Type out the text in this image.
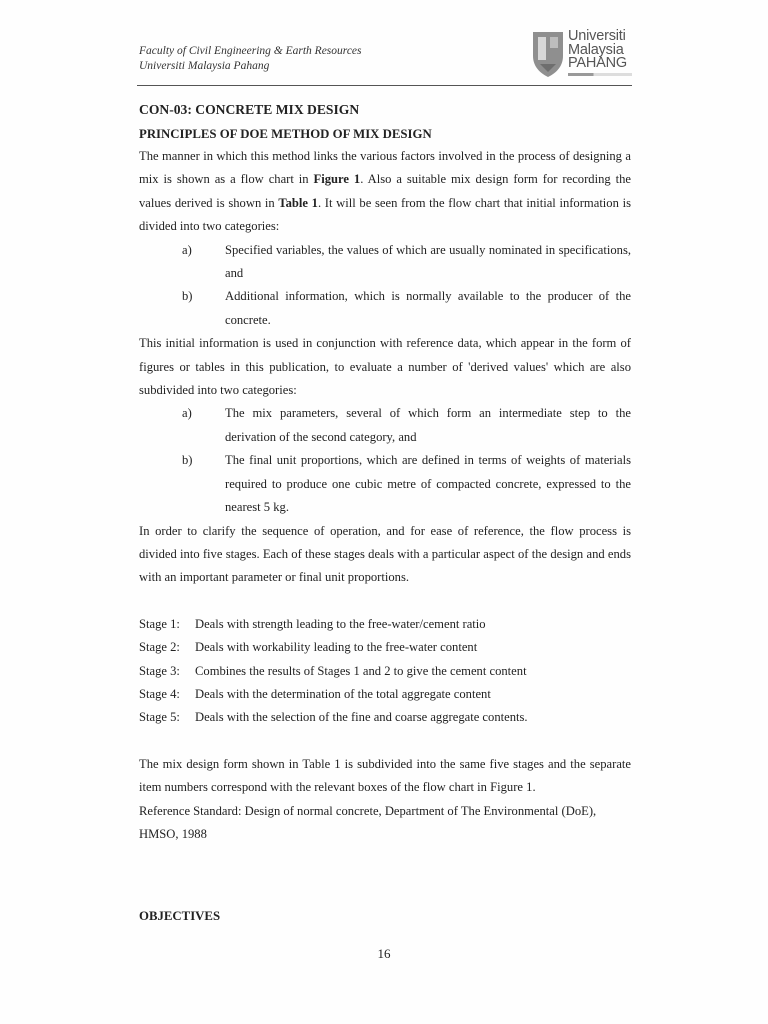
Faculty of Civil Engineering & Earth Resources
Universiti Malaysia Pahang
Universiti
Malaysia
PAHANG
CON-03: CONCRETE MIX DESIGN
PRINCIPLES OF DOE METHOD OF MIX DESIGN

The manner in which this method links the various factors involved in the process of designing a mix is shown as a flow chart in Figure 1. Also a suitable mix design form for recording the values derived is shown in Table 1. It will be seen from the flow chart that initial information is divided into two categories:

a)	Specified variables, the values of which are usually nominated in specifications, and
b)	Additional information, which is normally available to the producer of the concrete.

This initial information is used in conjunction with reference data, which appear in the form of figures or tables in this publication, to evaluate a number of 'derived values' which are also subdivided into two categories:

a)	The mix parameters, several of which form an intermediate step to the derivation of the second category, and
b)	The final unit proportions, which are defined in terms of weights of materials required to produce one cubic metre of compacted concrete, expressed to the nearest 5 kg.

In order to clarify the sequence of operation, and for ease of reference, the flow process is divided into five stages. Each of these stages deals with a particular aspect of the design and ends with an important parameter or final unit proportions.

Stage 1:	Deals with strength leading to the free-water/cement ratio
Stage 2:	Deals with workability leading to the free-water content
Stage 3:	Combines the results of Stages 1 and 2 to give the cement content
Stage 4:	Deals with the determination of the total aggregate content
Stage 5:	Deals with the selection of the fine and coarse aggregate contents.

The mix design form shown in Table 1 is subdivided into the same five stages and the separate item numbers correspond with the relevant boxes of the flow chart in Figure 1.

Reference Standard: Design of normal concrete, Department of The Environmental (DoE),

HMSO, 1988

OBJECTIVES
16
